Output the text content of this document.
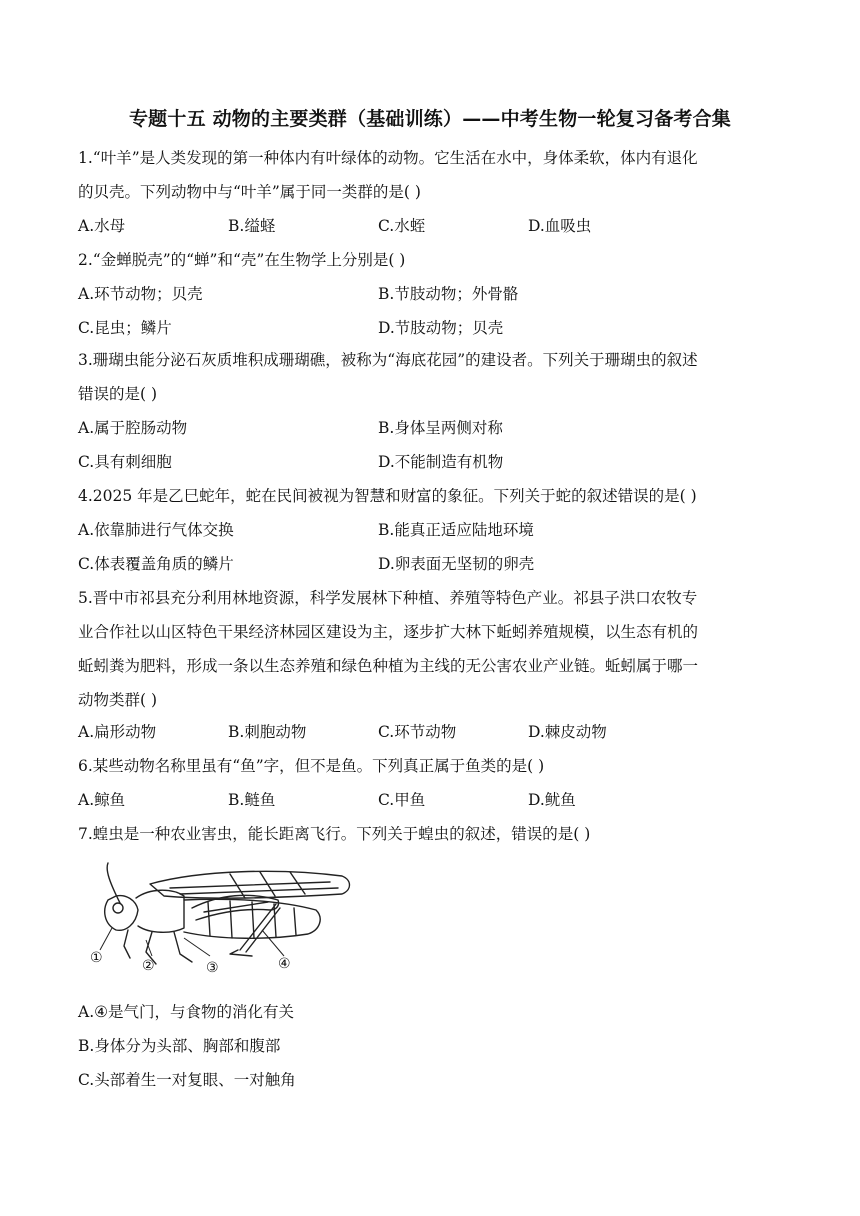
专题十五 动物的主要类群（基础训练）——中考生物一轮复习备考合集
1.“叶羊”是人类发现的第一种体内有叶绿体的动物。它生活在水中，身体柔软，体内有退化
的贝壳。下列动物中与“叶羊”属于同一类群的是( )
A.水母	B.缢蛏	C.水蛭	D.血吸虫
2.“金蝉脱壳”的“蝉”和“壳”在生物学上分别是( )
A.环节动物；贝壳	B.节肢动物；外骨骼
C.昆虫；鳞片	D.节肢动物；贝壳
3.珊瑚虫能分泌石灰质堆积成珊瑚礁，被称为“海底花园”的建设者。下列关于珊瑚虫的叙述
错误的是( )
A.属于腔肠动物	B.身体呈两侧对称
C.具有刺细胞	D.不能制造有机物
4.2025 年是乙巳蛇年，蛇在民间被视为智慧和财富的象征。下列关于蛇的叙述错误的是( )
A.依靠肺进行气体交换	B.能真正适应陆地环境
C.体表覆盖角质的鳞片	D.卵表面无坚韧的卵壳
5.晋中市祁县充分利用林地资源，科学发展林下种植、养殖等特色产业。祁县子洪口农牧专
业合作社以山区特色干果经济林园区建设为主，逐步扩大林下蚯蚓养殖规模，以生态有机的
蚯蚓粪为肥料，形成一条以生态养殖和绿色种植为主线的无公害农业产业链。蚯蚓属于哪一
动物类群( )
A.扁形动物	B.刺胞动物	C.环节动物	D.棘皮动物
6.某些动物名称里虽有“鱼”字，但不是鱼。下列真正属于鱼类的是( )
A.鲸鱼	B.鲢鱼	C.甲鱼	D.鱿鱼
7.蝗虫是一种农业害虫，能长距离飞行。下列关于蝗虫的叙述，错误的是( )
①	②	③	④
A.④是气门，与食物的消化有关
B.身体分为头部、胸部和腹部
C.头部着生一对复眼、一对触角
